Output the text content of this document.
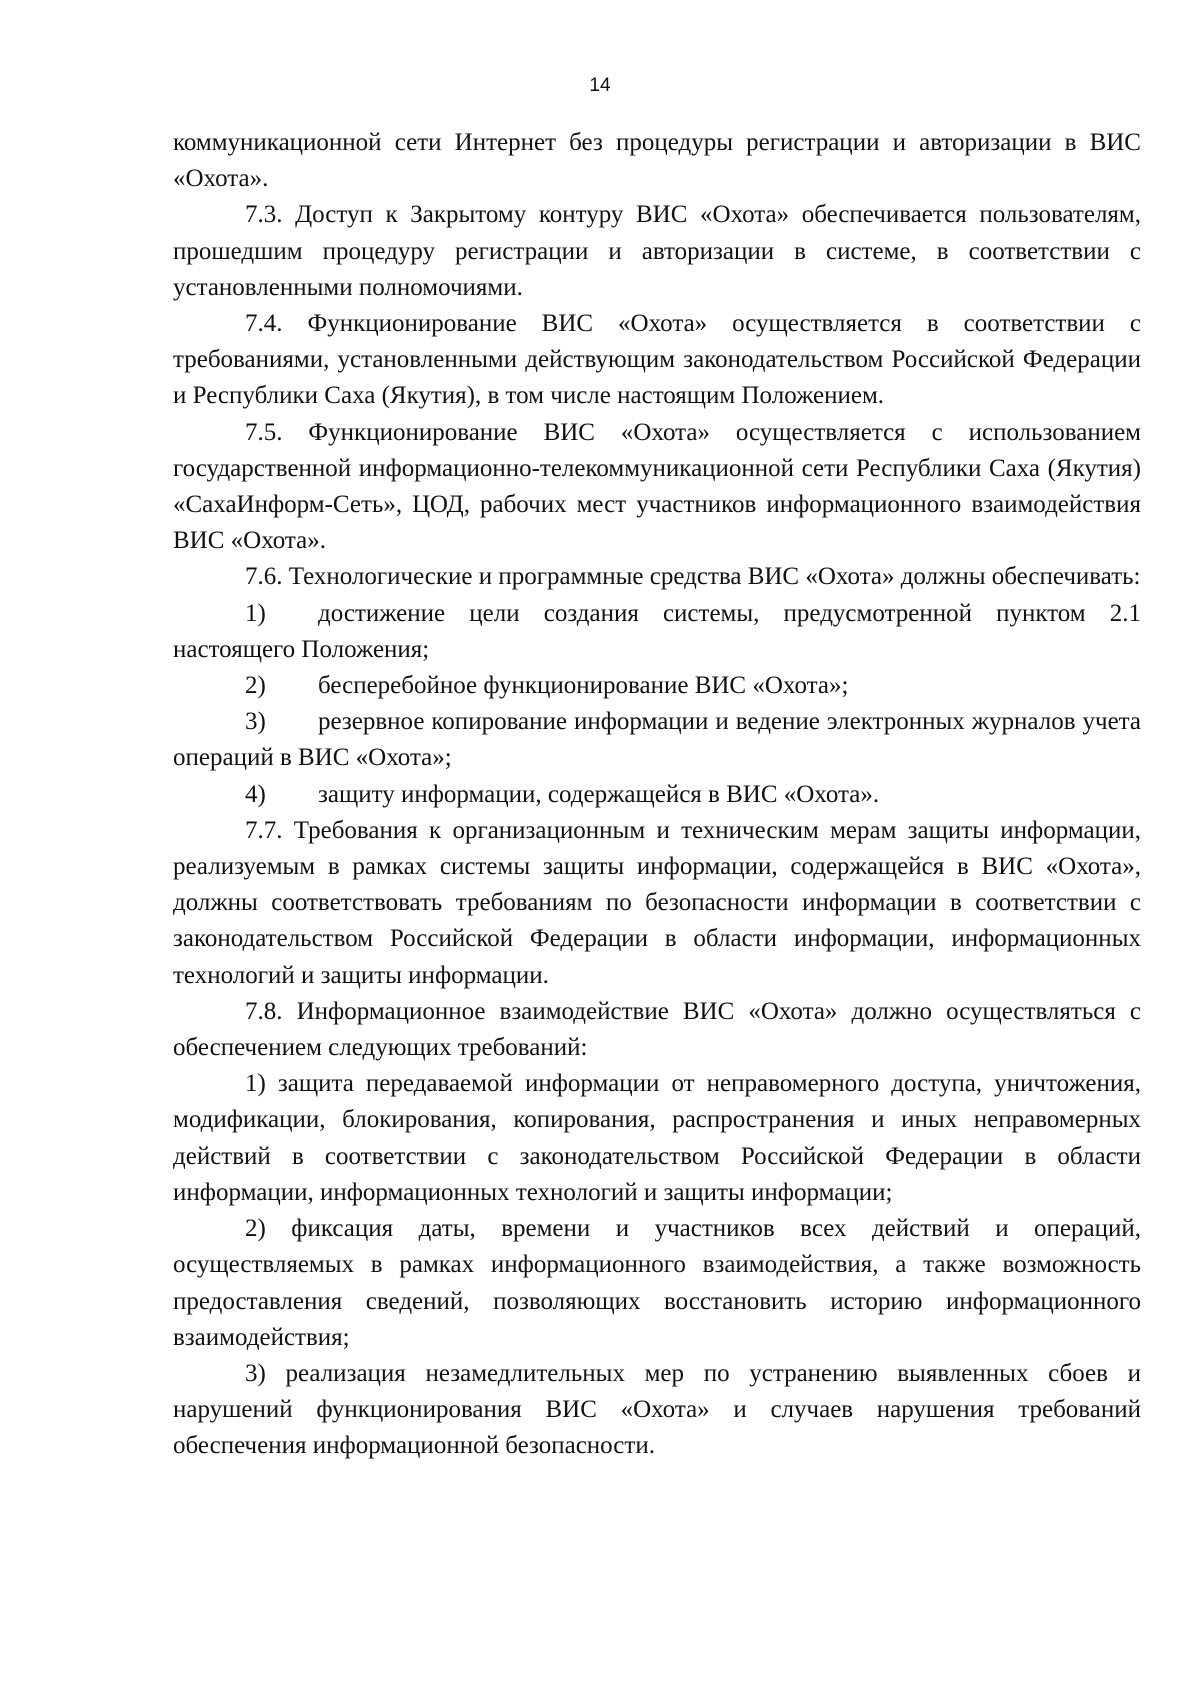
14

коммуникационной сети Интернет без процедуры регистрации и авторизации в ВИС «Охота».

7.3. Доступ к Закрытому контуру ВИС «Охота» обеспечивается пользователям, прошедшим процедуру регистрации и авторизации в системе, в соответствии с установленными полномочиями.

7.4. Функционирование ВИС «Охота» осуществляется в соответствии с требованиями, установленными действующим законодательством Российской Федерации и Республики Саха (Якутия), в том числе настоящим Положением.

7.5. Функционирование ВИС «Охота» осуществляется с использованием государственной информационно-телекоммуникационной сети Республики Саха (Якутия) «СахаИнформ-Сеть», ЦОД, рабочих мест участников информационного взаимодействия ВИС «Охота».

7.6. Технологические и программные средства ВИС «Охота» должны обеспечивать:

1) достижение цели создания системы, предусмотренной пунктом 2.1 настоящего Положения;

2) бесперебойное функционирование ВИС «Охота»;

3) резервное копирование информации и ведение электронных журналов учета операций в ВИС «Охота»;

4) защиту информации, содержащейся в ВИС «Охота».

7.7. Требования к организационным и техническим мерам защиты информации, реализуемым в рамках системы защиты информации, содержащейся в ВИС «Охота», должны соответствовать требованиям по безопасности информации в соответствии с законодательством Российской Федерации в области информации, информационных технологий и защиты информации.

7.8. Информационное взаимодействие ВИС «Охота» должно осуществляться с обеспечением следующих требований:

1) защита передаваемой информации от неправомерного доступа, уничтожения, модификации, блокирования, копирования, распространения и иных неправомерных действий в соответствии с законодательством Российской Федерации в области информации, информационных технологий и защиты информации;

2) фиксация даты, времени и участников всех действий и операций, осуществляемых в рамках информационного взаимодействия, а также возможность предоставления сведений, позволяющих восстановить историю информационного взаимодействия;

3) реализация незамедлительных мер по устранению выявленных сбоев и нарушений функционирования ВИС «Охота» и случаев нарушения требований обеспечения информационной безопасности.
